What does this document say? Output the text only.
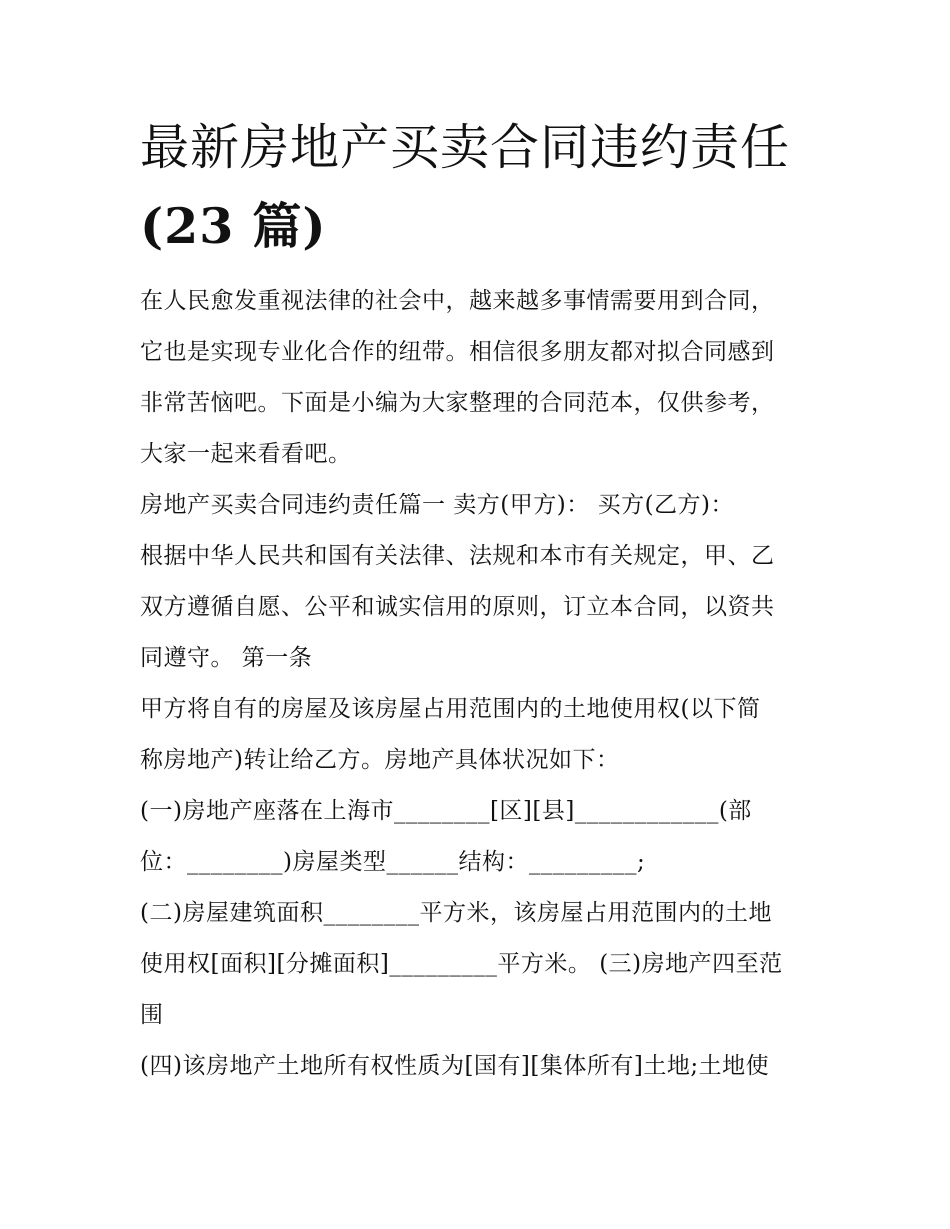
最新房地产买卖合同违约责任
(23 篇)
在人民愈发重视法律的社会中，越来越多事情需要用到合同，
它也是实现专业化合作的纽带。相信很多朋友都对拟合同感到
非常苦恼吧。下面是小编为大家整理的合同范本，仅供参考，
大家一起来看看吧。
房地产买卖合同违约责任篇一 卖方(甲方)： 买方(乙方)：
根据中华人民共和国有关法律、法规和本市有关规定，甲、乙
双方遵循自愿、公平和诚实信用的原则，订立本合同，以资共
同遵守。 第一条
甲方将自有的房屋及该房屋占用范围内的土地使用权(以下简
称房地产)转让给乙方。房地产具体状况如下：
(一)房地产座落在上海市________[区][县]____________(部
位：________)房屋类型______结构：_________;
(二)房屋建筑面积________平方米，该房屋占用范围内的土地
使用权[面积][分摊面积]_________平方米。 (三)房地产四至范
围
(四)该房地产土地所有权性质为[国有][集体所有]土地;土地使
